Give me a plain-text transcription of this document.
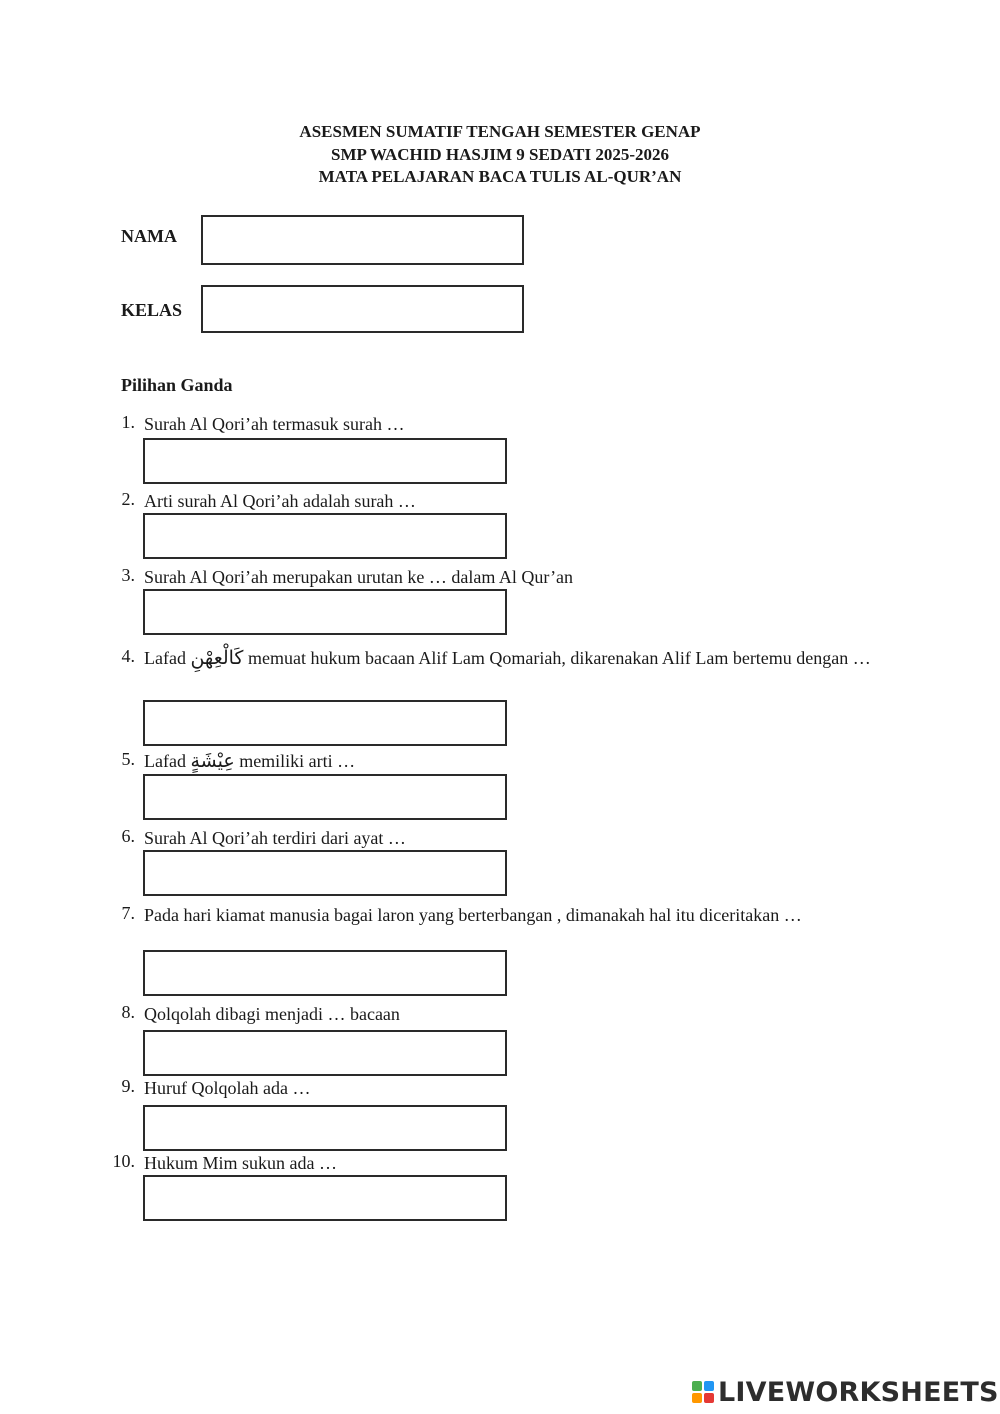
ASESMEN SUMATIF TENGAH SEMESTER GENAP
SMP WACHID HASJIM 9 SEDATI 2025-2026
MATA PELAJARAN BACA TULIS AL-QUR’AN
NAMA
KELAS
Pilihan Ganda
1. Surah Al Qori’ah termasuk surah …
2. Arti surah Al Qori’ah adalah surah …
3. Surah Al Qori’ah merupakan urutan ke … dalam Al Qur’an
4. Lafad كَالْعِهْنِ memuat hukum bacaan Alif Lam Qomariah, dikarenakan Alif Lam bertemu dengan …
5. Lafad عِيْشَةٍ memiliki arti …
6. Surah Al Qori’ah terdiri dari ayat …
7. Pada hari kiamat manusia bagai laron yang berterbangan , dimanakah hal itu diceritakan …
8. Qolqolah dibagi menjadi … bacaan
9. Huruf Qolqolah ada …
10. Hukum Mim sukun ada …
LIVEWORKSHEETS
